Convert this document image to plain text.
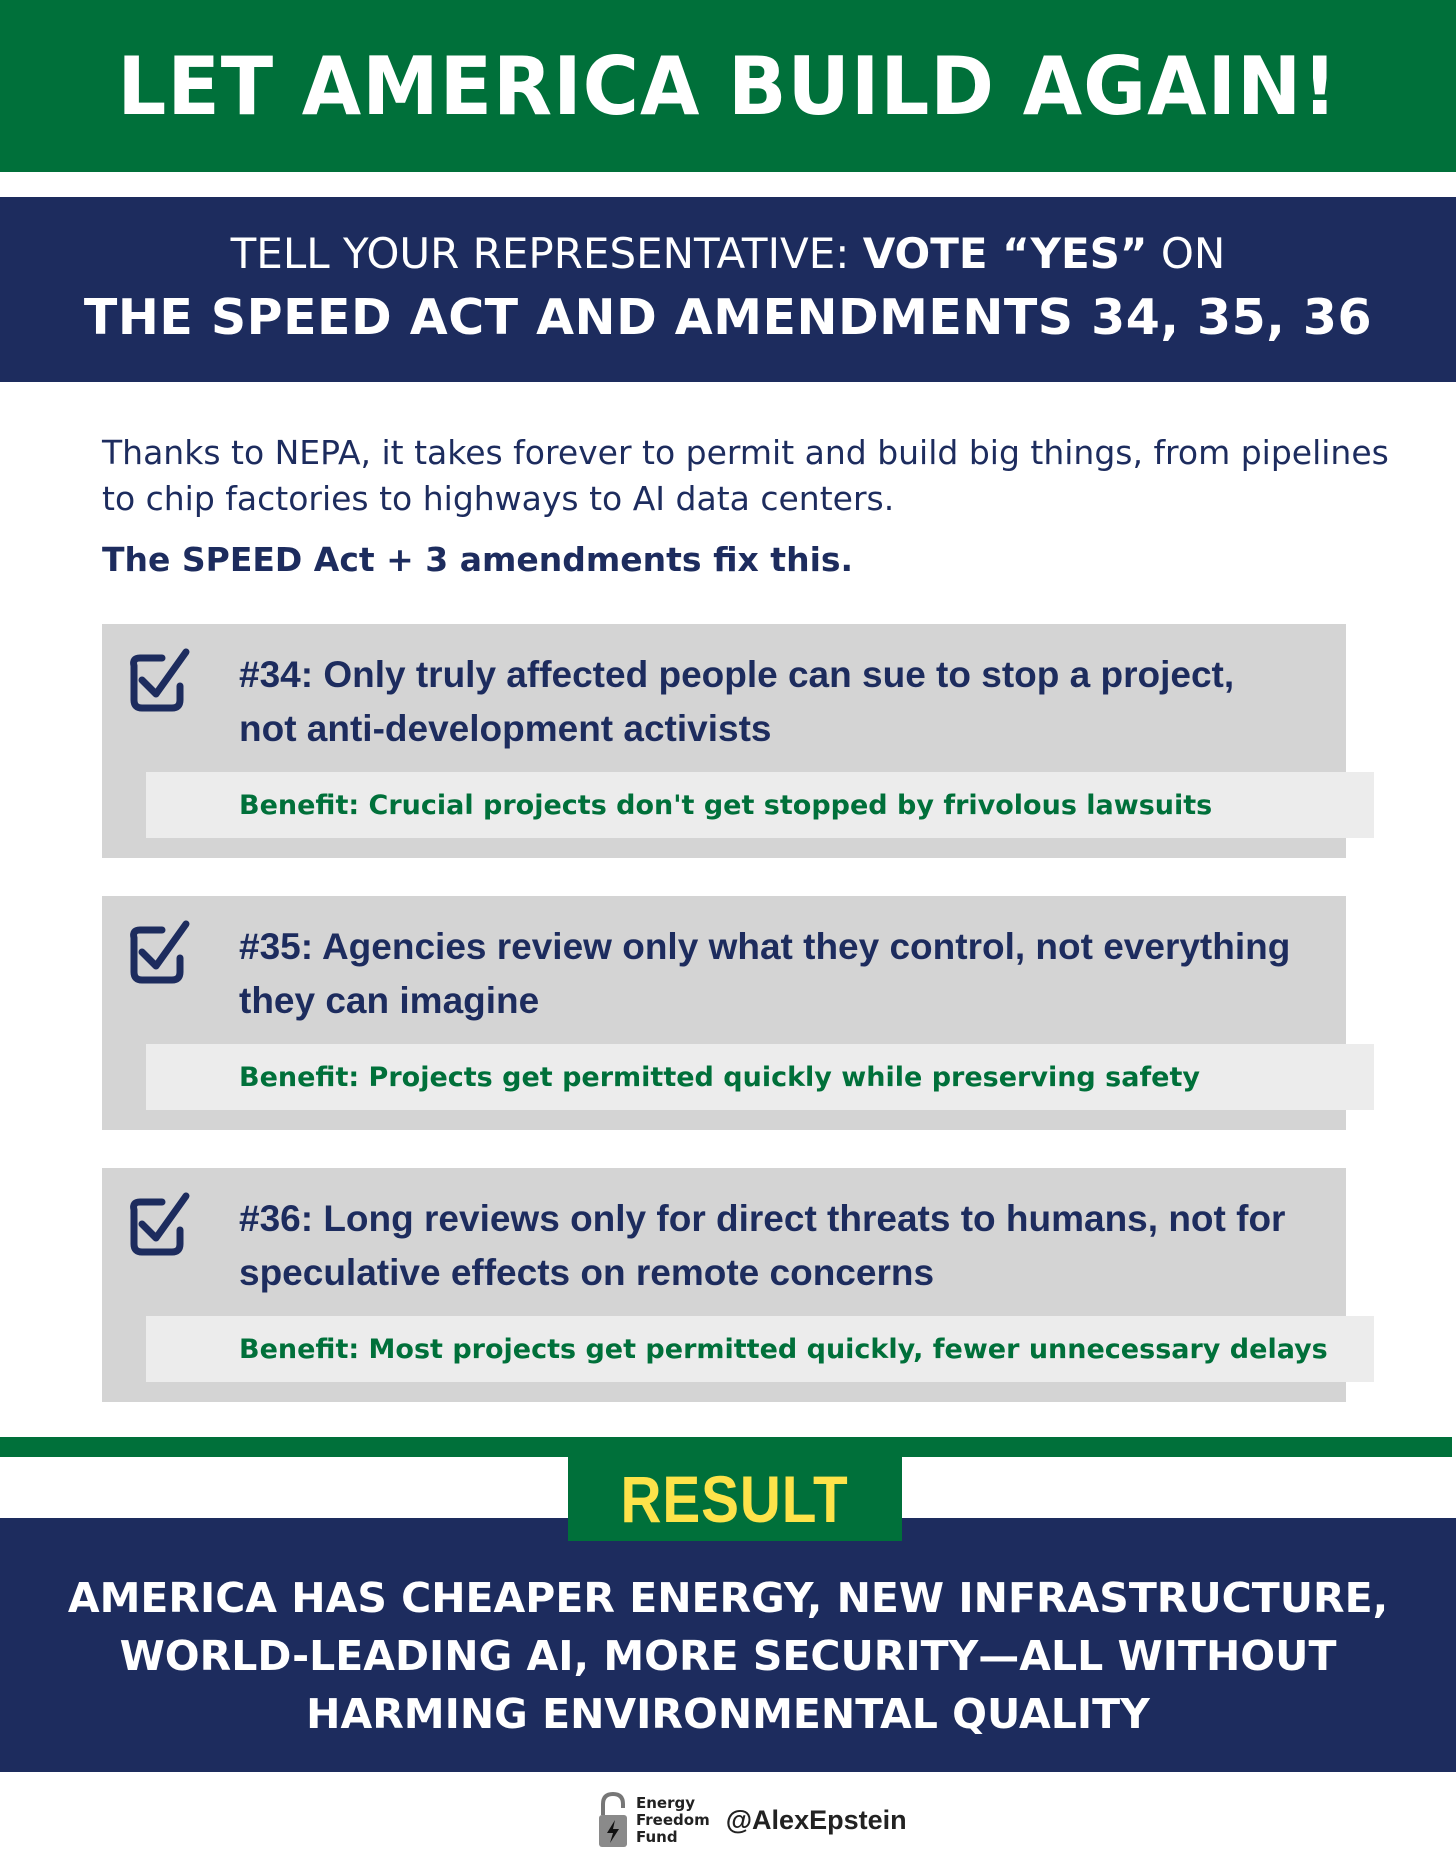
LET AMERICA BUILD AGAIN!
TELL YOUR REPRESENTATIVE: VOTE “YES” ON
THE SPEED ACT AND AMENDMENTS 34, 35, 36
Thanks to NEPA, it takes forever to permit and build big things, from pipelines to chip factories to highways to AI data centers.
The SPEED Act + 3 amendments fix this.
#34: Only truly affected people can sue to stop a project, not anti-development activists
Benefit: Crucial projects don't get stopped by frivolous lawsuits
#35: Agencies review only what they control, not everything they can imagine
Benefit: Projects get permitted quickly while preserving safety
#36: Long reviews only for direct threats to humans, not for speculative effects on remote concerns
Benefit: Most projects get permitted quickly, fewer unnecessary delays
AMERICA HAS CHEAPER ENERGY, NEW INFRASTRUCTURE, WORLD-LEADING AI, MORE SECURITY—ALL WITHOUT HARMING ENVIRONMENTAL QUALITY
RESULT
Energy
Freedom
Fund
@AlexEpstein
